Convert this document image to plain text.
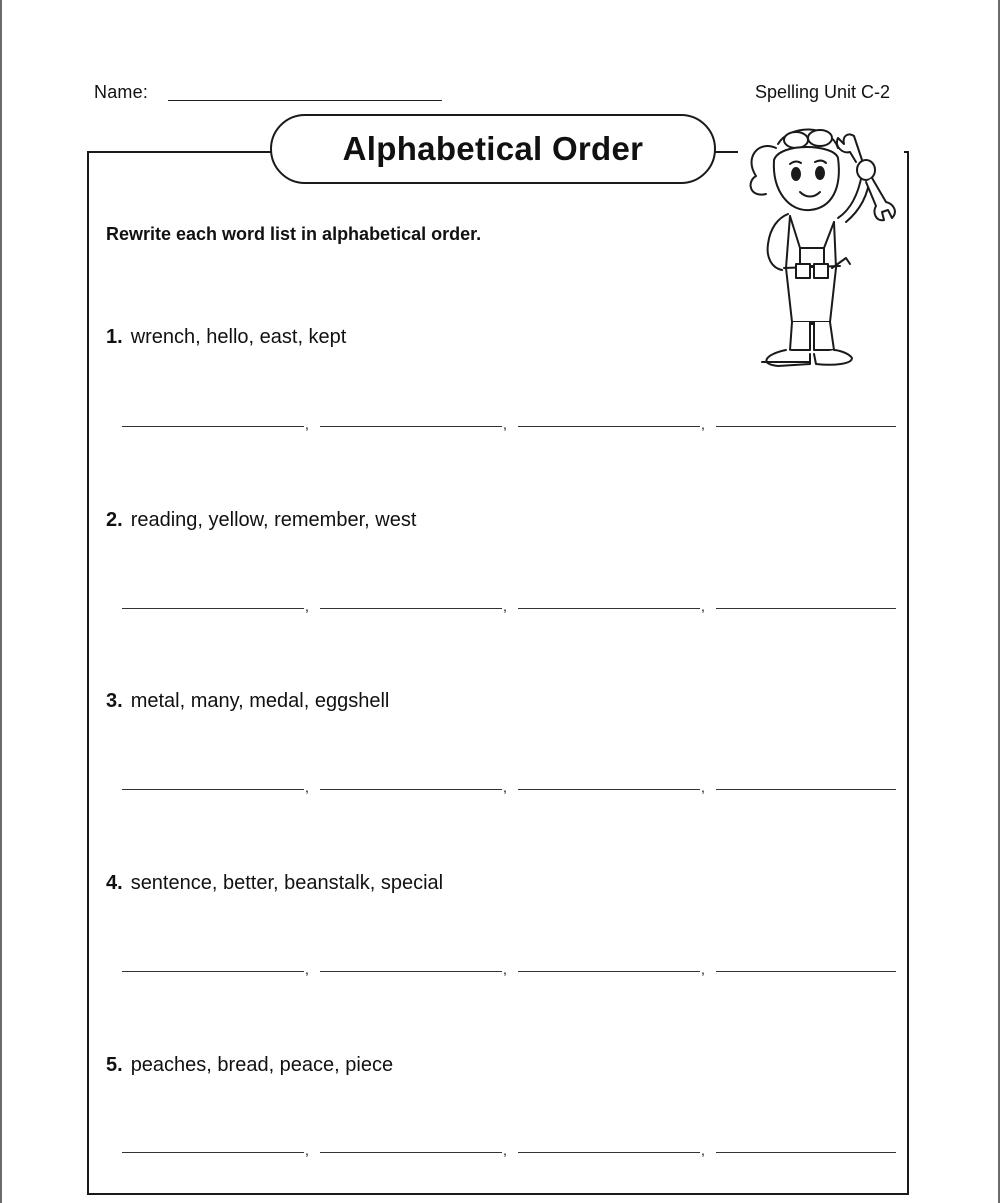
Name:	Spelling Unit C-2
Alphabetical Order
Rewrite each word list in alphabetical order.
1. wrench, hello, east, kept
,	,	,
2. reading, yellow, remember, west
,	,	,
3. metal, many, medal, eggshell
,	,	,
4. sentence, better, beanstalk, special
,	,	,
5. peaches, bread, peace, piece
,	,	,
